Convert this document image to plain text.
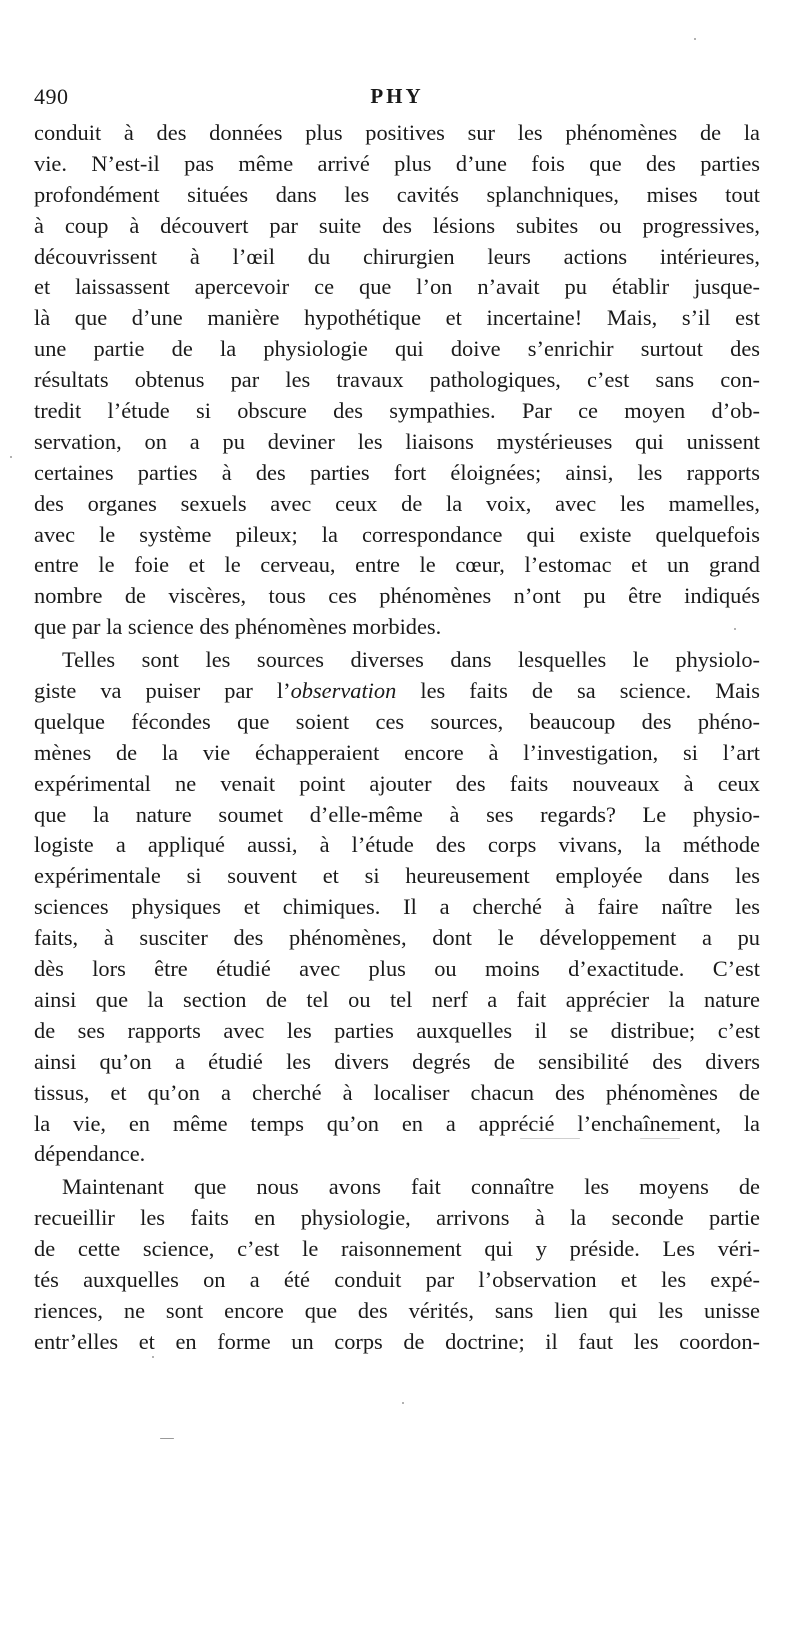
490	PHY
conduit à des données plus positives sur les phénomènes de la
vie. N’est-il pas même arrivé plus d’une fois que des parties
profondément situées dans les cavités splanchniques, mises tout
à coup à découvert par suite des lésions subites ou progressives,
découvrissent à l’œil du chirurgien leurs actions intérieures,
et laissassent apercevoir ce que l’on n’avait pu établir jusque-
là que d’une manière hypothétique et incertaine! Mais, s’il est
une partie de la physiologie qui doive s’enrichir surtout des
résultats obtenus par les travaux pathologiques, c’est sans con-
tredit l’étude si obscure des sympathies. Par ce moyen d’ob-
servation, on a pu deviner les liaisons mystérieuses qui unissent
certaines parties à des parties fort éloignées; ainsi, les rapports
des organes sexuels avec ceux de la voix, avec les mamelles,
avec le système pileux; la correspondance qui existe quelquefois
entre le foie et le cerveau, entre le cœur, l’estomac et un grand
nombre de viscères, tous ces phénomènes n’ont pu être indiqués
que par la science des phénomènes morbides.
Telles sont les sources diverses dans lesquelles le physiolo-
giste va puiser par l’observation les faits de sa science. Mais
quelque fécondes que soient ces sources, beaucoup des phéno-
mènes de la vie échapperaient encore à l’investigation, si l’art
expérimental ne venait point ajouter des faits nouveaux à ceux
que la nature soumet d’elle-même à ses regards? Le physio-
logiste a appliqué aussi, à l’étude des corps vivans, la méthode
expérimentale si souvent et si heureusement employée dans les
sciences physiques et chimiques. Il a cherché à faire naître les
faits, à susciter des phénomènes, dont le développement a pu
dès lors être étudié avec plus ou moins d’exactitude. C’est
ainsi que la section de tel ou tel nerf a fait apprécier la nature
de ses rapports avec les parties auxquelles il se distribue; c’est
ainsi qu’on a étudié les divers degrés de sensibilité des divers
tissus, et qu’on a cherché à localiser chacun des phénomènes de
la vie, en même temps qu’on en a apprécié l’enchaînement, la
dépendance.
Maintenant que nous avons fait connaître les moyens de
recueillir les faits en physiologie, arrivons à la seconde partie
de cette science, c’est le raisonnement qui y préside. Les véri-
tés auxquelles on a été conduit par l’observation et les expé-
riences, ne sont encore que des vérités, sans lien qui les unisse
entr’elles et en forme un corps de doctrine; il faut les coordon-
